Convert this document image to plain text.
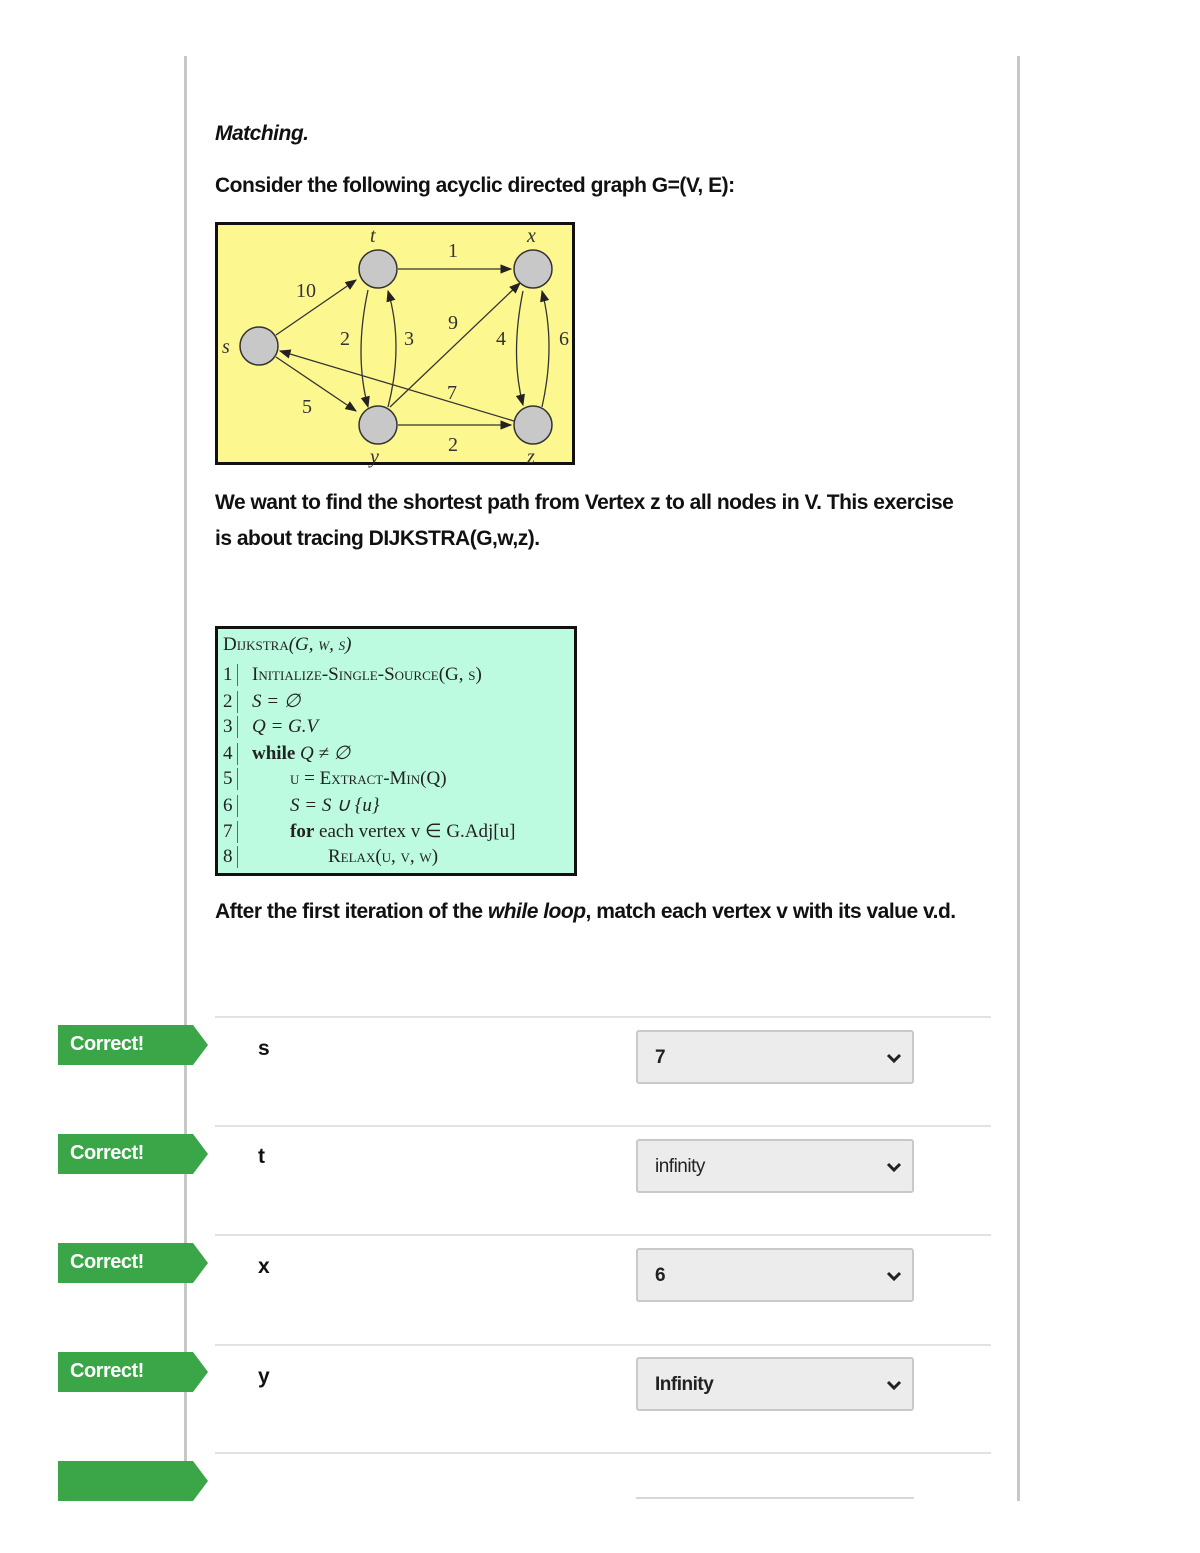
Matching.
Consider the following acyclic directed graph G=(V, E):
t	x
s
y	z
10
1
2	3
9
4	6
5
7
2
We want to find the shortest path from Vertex z to all nodes in V. This exercise is about tracing DIJKSTRA(G,w,z).
Dijkstra(G, w, s)
1 Initialize-Single-Source(G, s)
2 S = ∅
3 Q = G.V
4 while Q ≠ ∅
5	u = Extract-Min(Q)
6	S = S ∪ {u}
7	for each vertex v ∈ G.Adj[u]
8	Relax(u, v, w)
After the first iteration of the while loop, match each vertex v with its value v.d.
Correct!	s	7
Correct!	t	infinity
Correct!	x	6
Correct!	y	Infinity
